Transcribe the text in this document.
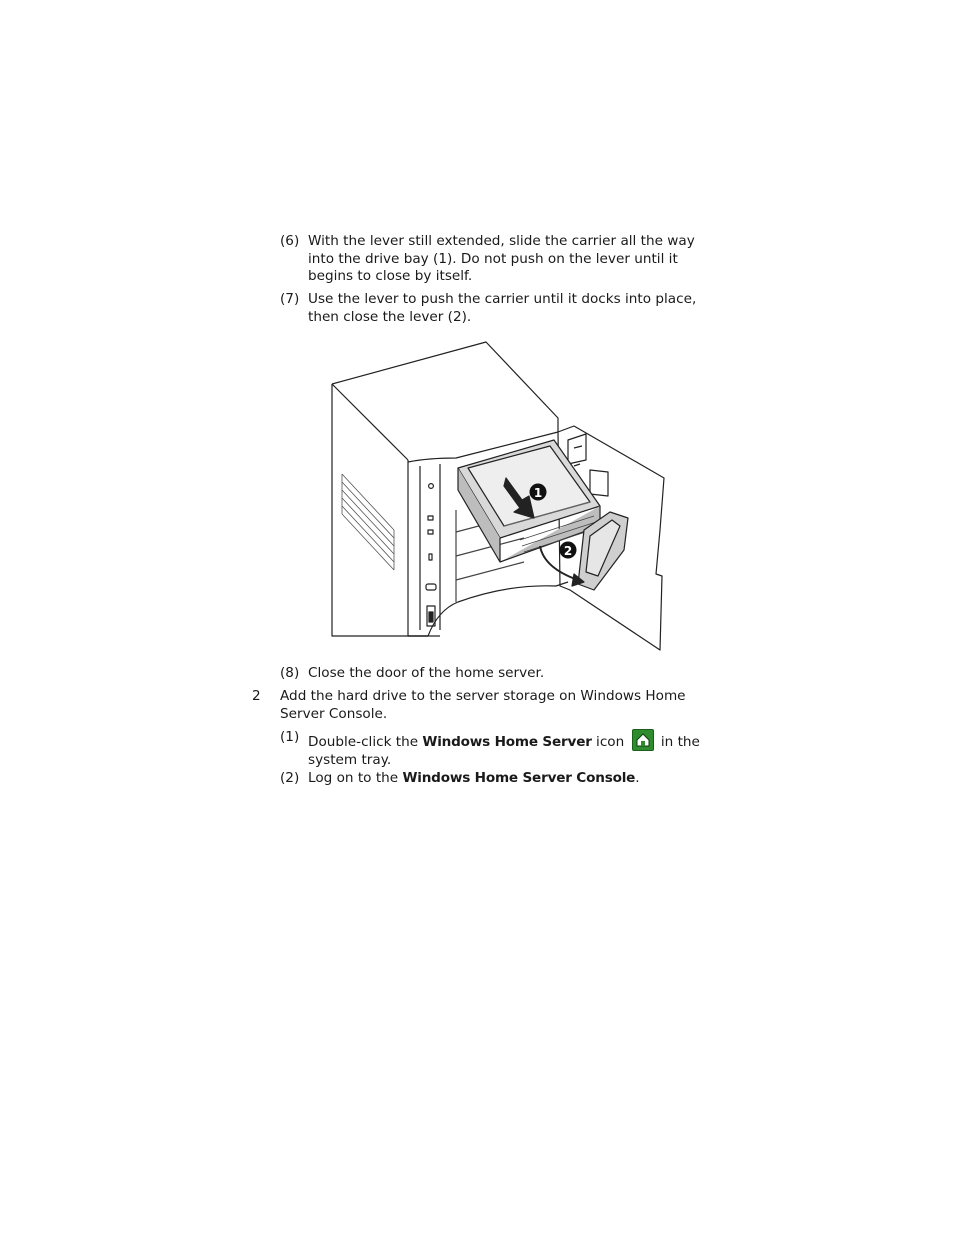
(6) With the lever still extended, slide the carrier all the way into the drive bay (1). Do not push on the lever until it begins to close by itself.
(7) Use the lever to push the carrier until it docks into place, then close the lever (2).
1
2
(8) Close the door of the home server.
2 Add the hard drive to the server storage on Windows Home Server Console.
(1) Double-click the Windows Home Server icon
in the system tray.
(2) Log on to the Windows Home Server Console.
